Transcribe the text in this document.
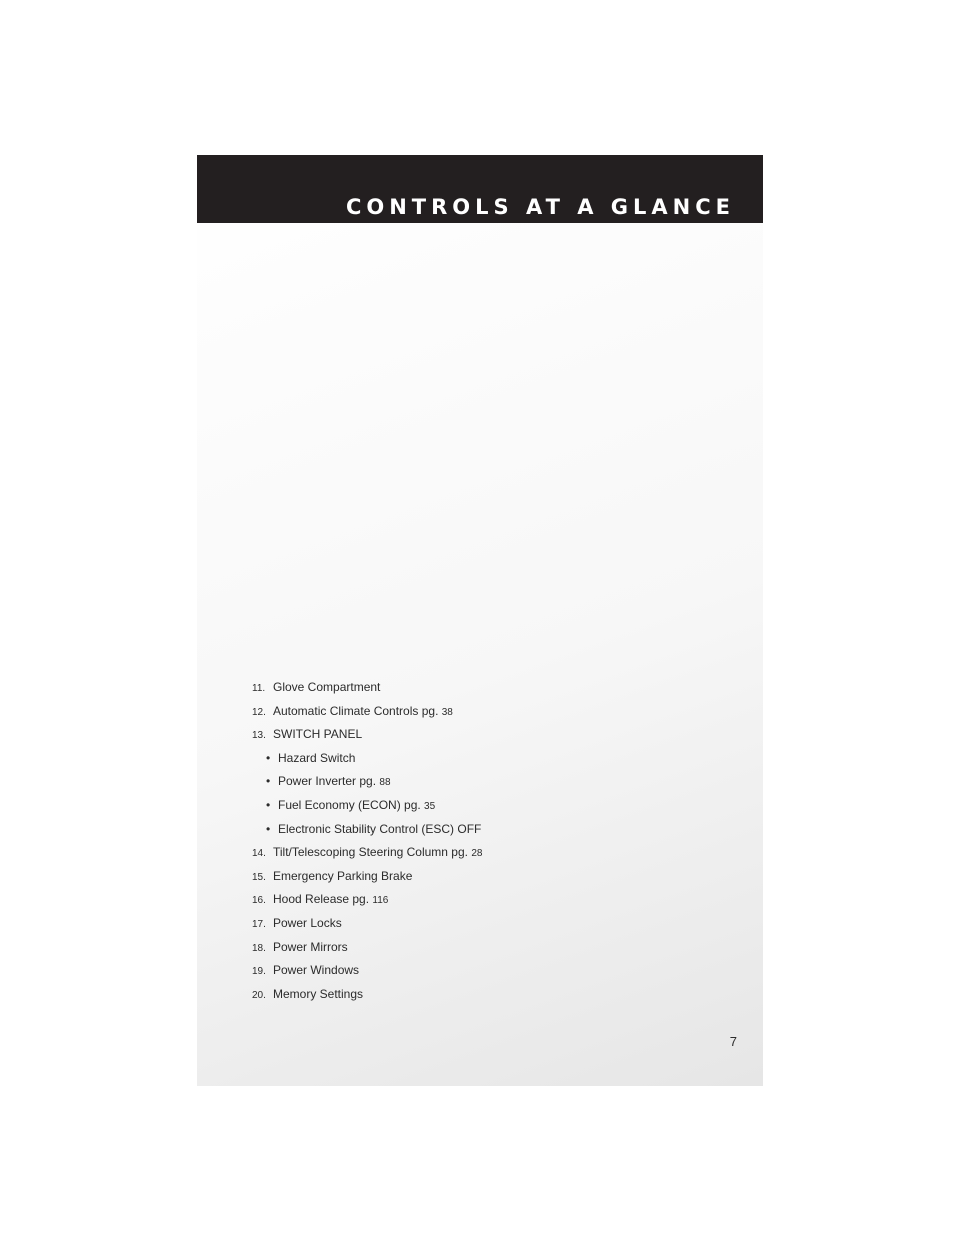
CONTROLS AT A GLANCE
11. Glove Compartment
12. Automatic Climate Controls pg. 38
13. SWITCH PANEL
• Hazard Switch
• Power Inverter pg. 88
• Fuel Economy (ECON) pg. 35
• Electronic Stability Control (ESC) OFF
14. Tilt/Telescoping Steering Column pg. 28
15. Emergency Parking Brake
16. Hood Release pg. 116
17. Power Locks
18. Power Mirrors
19. Power Windows
20. Memory Settings
7
